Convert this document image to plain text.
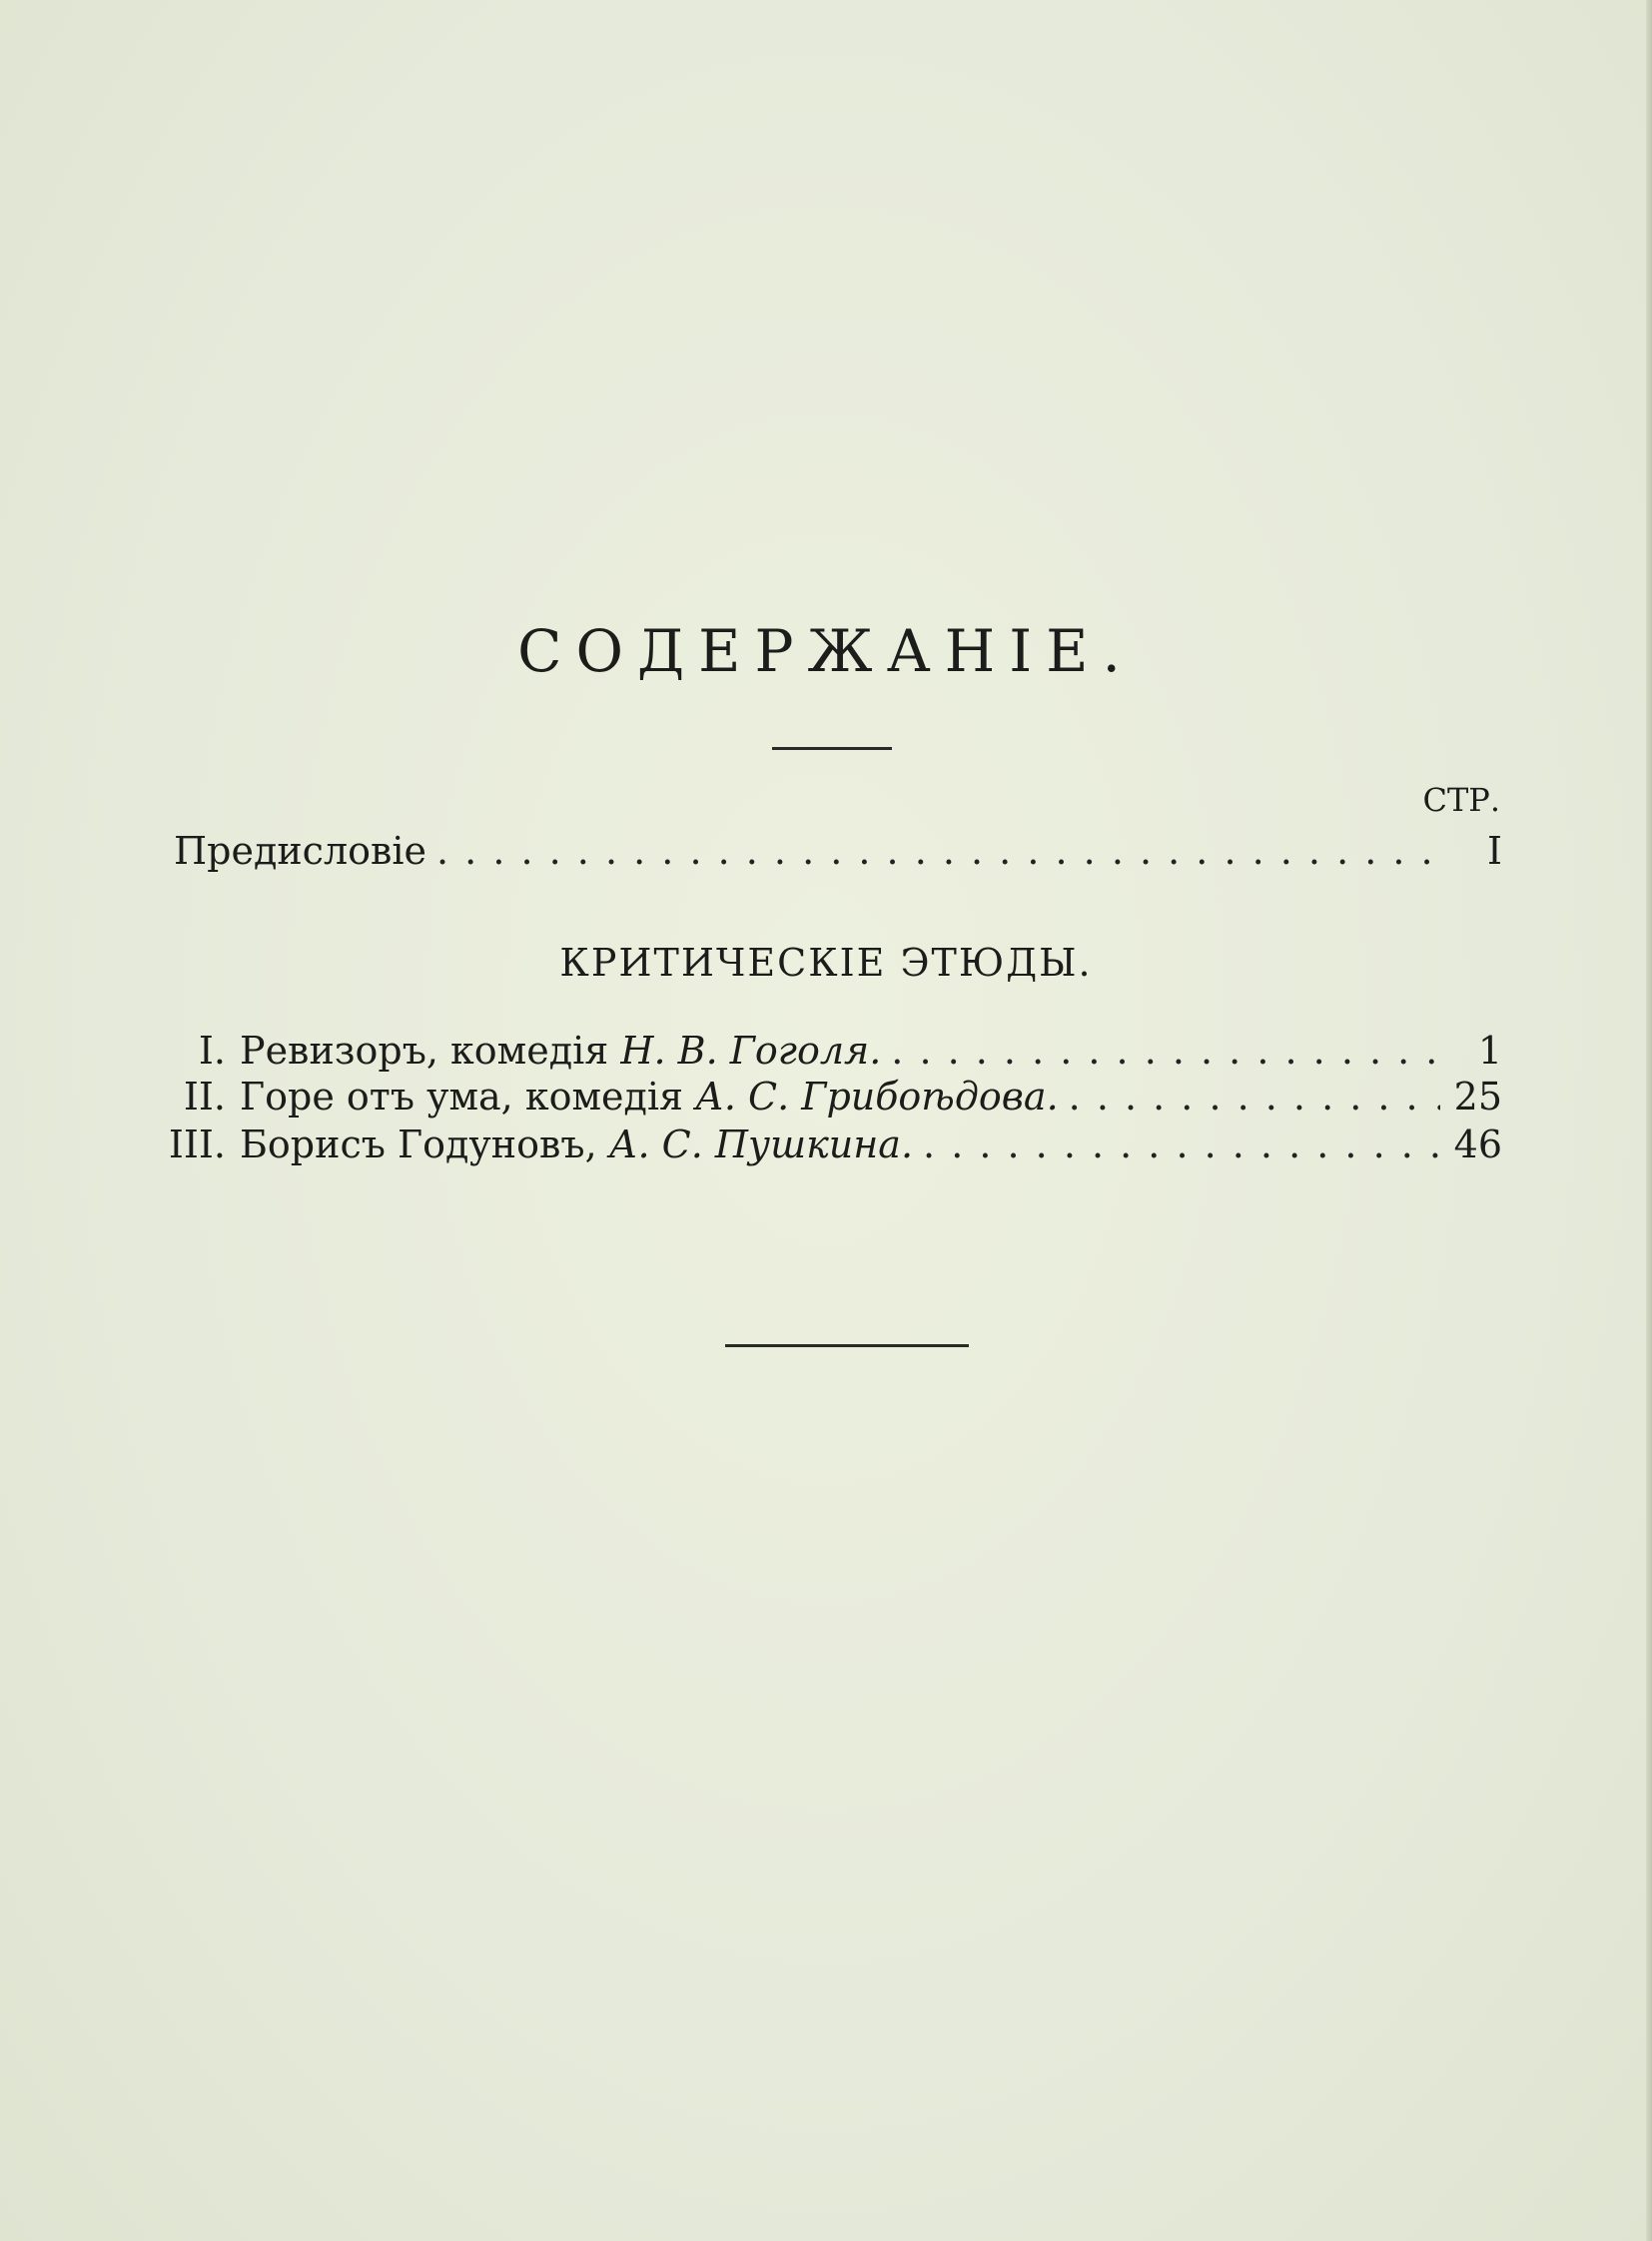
СОДЕРЖАНІЕ.
СТР.
Предисловіе . . .	I
КРИТИЧЕСКІЕ ЭТЮДЫ.
I. Ревизоръ, комедія
Н. В. Гоголя. . . .	1
II. Горе отъ ума, комедія
А. С. Грибоѣдова. . . .	25
III. Борисъ Годуновъ,
А. С. Пушкина. . . .	46
